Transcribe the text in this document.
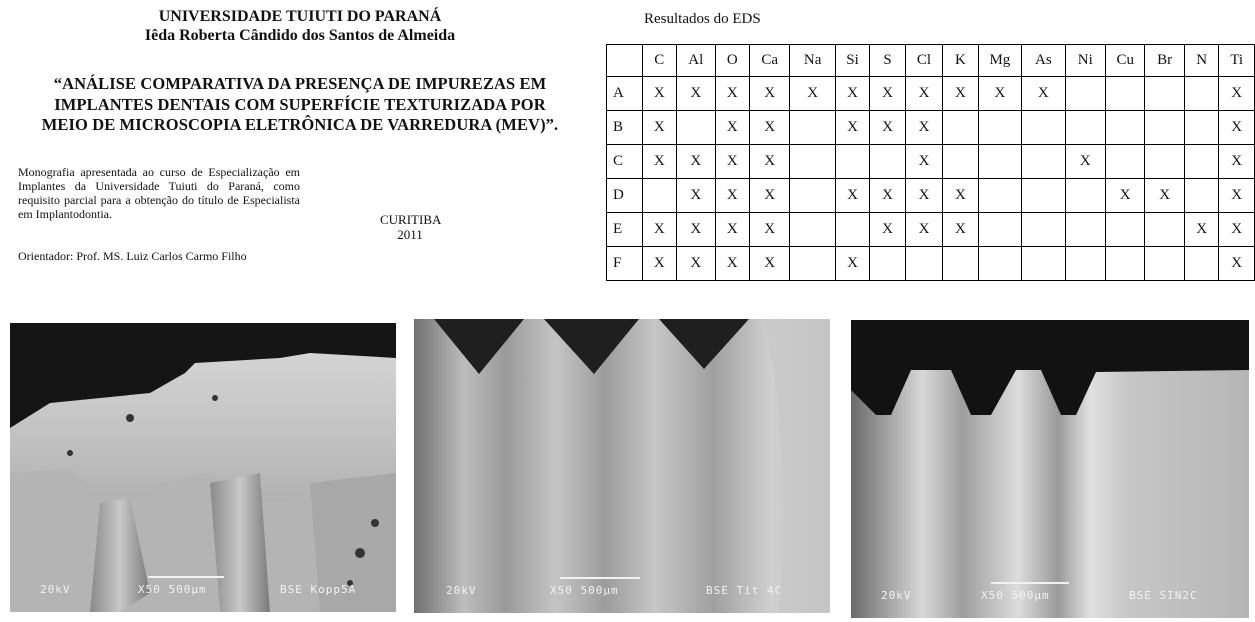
UNIVERSIDADE TUIUTI DO PARANÁ
Iêda Roberta Cândido dos Santos de Almeida
“ANÁLISE COMPARATIVA DA PRESENÇA DE IMPUREZAS EM
IMPLANTES DENTAIS COM SUPERFÍCIE TEXTURIZADA POR
MEIO DE MICROSCOPIA ELETRÔNICA DE VARREDURA (MEV)”.
Monografia apresentada ao curso de Especialização em Implantes da Universidade Tuiuti do Paraná, como requisito parcial para a obtenção do título de Especialista em Implantodontia.
Orientador: Prof. MS. Luiz Carlos Carmo Filho
CURITIBA
2011
Resultados do EDS
	C	Al	O	Ca	Na	Si	S	Cl	K	Mg	As	Ni	Cu	Br	N	Ti
A	X	X	X	X	X	X	X	X	X	X	X					X
B	X		X	X		X	X	X								X
C	X	X	X	X				X				X				X
D		X	X	X		X	X	X	X				X	X		X
E	X	X	X	X			X	X	X						X	X
F	X	X	X	X		X										X
20kV	X50 500µm	BSE Kopp5A	20kV	X50 500µm	BSE Tit 4C	20kV	X50 500µm	BSE SIN2C
